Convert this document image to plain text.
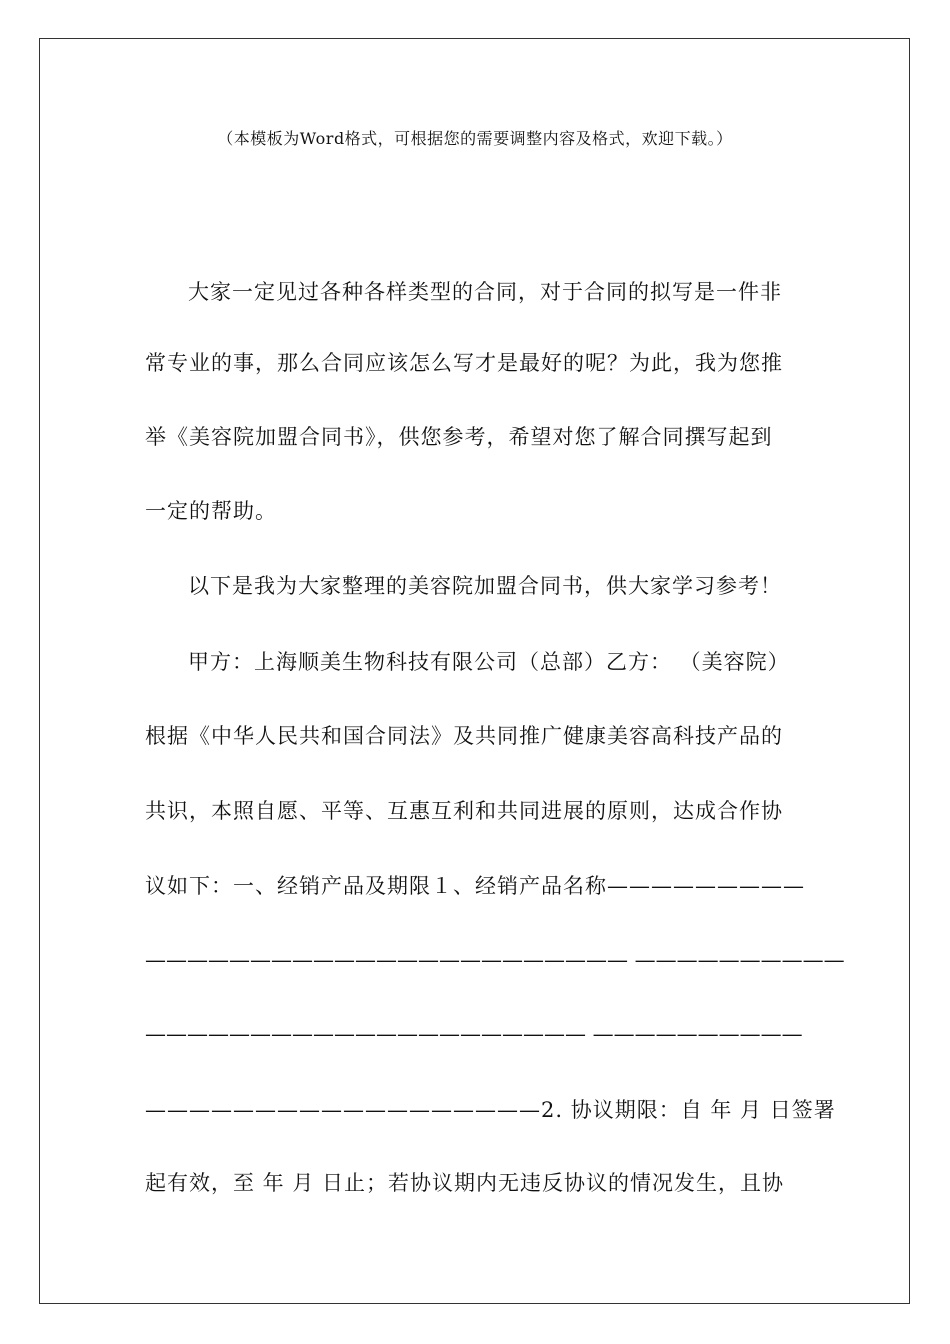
（本模板为Word格式，可根据您的需要调整内容及格式，欢迎下载。）
大家一定见过各种各样类型的合同，对于合同的拟写是一件非
常专业的事，那么合同应该怎么写才是最好的呢？为此，我为您推
举《美容院加盟合同书》，供您参考，希望对您了解合同撰写起到
一定的帮助。
以下是我为大家整理的美容院加盟合同书，供大家学习参考！
甲方：上海顺美生物科技有限公司（总部）乙方： （美容院）
根据《中华人民共和国合同法》及共同推广健康美容高科技产品的
共识，本照自愿、平等、互惠互利和共同进展的原则，达成合作协
议如下：一、经销产品及期限１、经销产品名称—————————
——————————————————————— ——————————
————————————————————— ——————————
——————————————————2. 协议期限：自 年 月 日签署
起有效，至 年 月 日止；若协议期内无违反协议的情况发生，且协
